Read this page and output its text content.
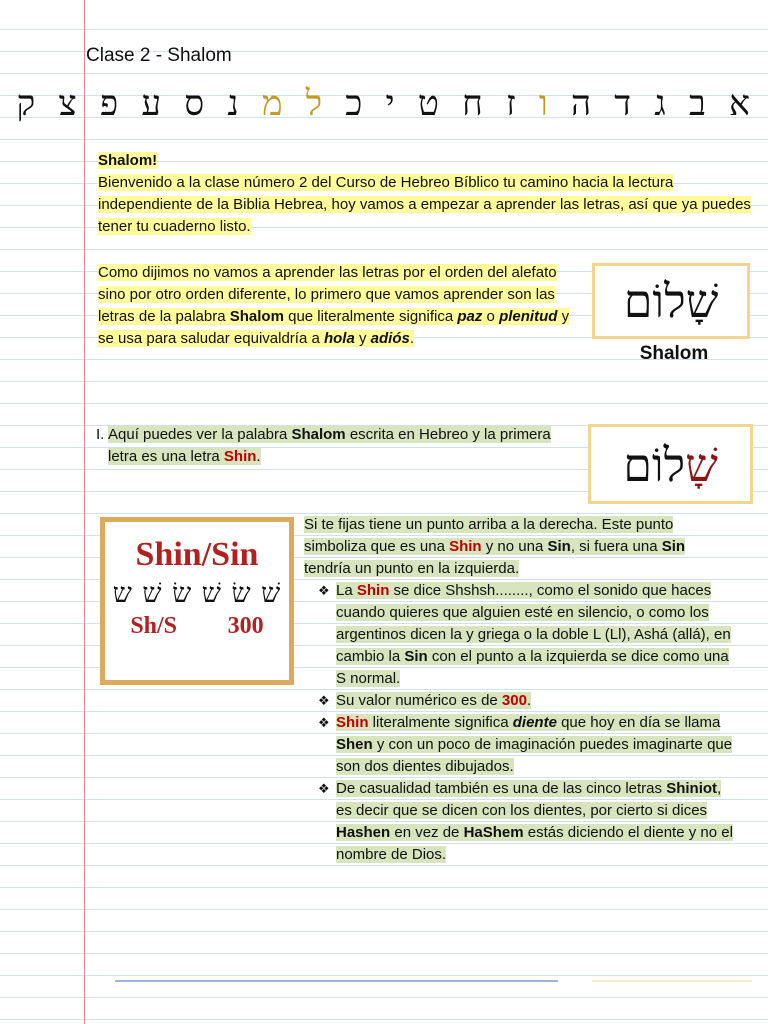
Clase 2 - Shalom
א ב ג ד ה ו ז ח ט י כ ל מ נ ס ע פ צ ק

Shalom!

Bienvenido a la clase número 2 del Curso de Hebreo Bíblico tu camino hacia la lectura independiente de la Biblia Hebrea, hoy vamos a empezar a aprender las letras, así que ya puedes tener tu cuaderno listo.

Como dijimos no vamos a aprender las letras por el orden del alefato sino por otro orden diferente, lo primero que vamos aprender son las letras de la palabra Shalom que literalmente significa paz o plenitud y se usa para saludar equivaldría a hola y adiós.
שָׁלוֹם
Shalom
I. Aquí puedes ver la palabra Shalom escrita en Hebreo y la primera letra es una letra Shin.	שָׁלוֹם
Shin/Sin
שׁ שׂ שׁ שׂ שׁ ש
Sh/S 300

Si te fijas tiene un punto arriba a la derecha. Este punto simboliza que es una Shin y no una Sin, si fuera una Sin tendría un punto en la izquierda.

❖ La Shin se dice Shshsh........, como el sonido que haces cuando quieres que alguien esté en silencio, o como los argentinos dicen la y griega o la doble L (Ll), Ashá (allá), en cambio la Sin con el punto a la izquierda se dice como una S normal.
❖ Su valor numérico es de 300.
❖ Shin literalmente significa diente que hoy en día se llama Shen y con un poco de imaginación puedes imaginarte que son dos dientes dibujados.
❖ De casualidad también es una de las cinco letras Shiniot, es decir que se dicen con los dientes, por cierto si dices Hashen en vez de HaShem estás diciendo el diente y no el nombre de Dios.
